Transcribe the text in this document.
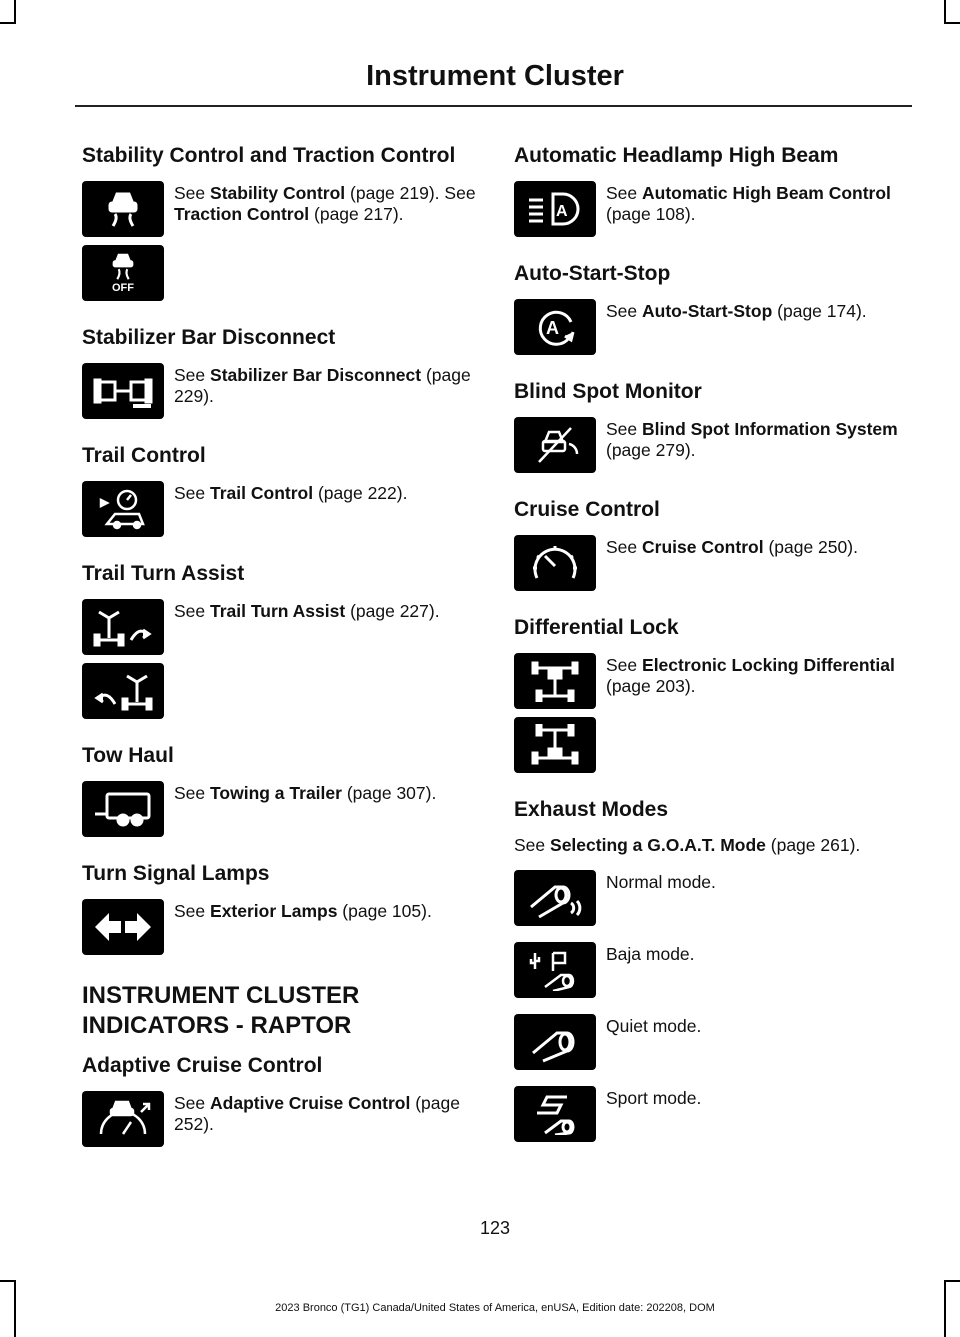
Instrument Cluster
Stability Control and Traction Control
OFF
See Stability Control (page 219). See Traction Control (page 217).
Stabilizer Bar Disconnect
See Stabilizer Bar Disconnect (page 229).
Trail Control
See Trail Control (page 222).
Trail Turn Assist
See Trail Turn Assist (page 227).
Tow Haul
See Towing a Trailer (page 307).
Turn Signal Lamps
See Exterior Lamps (page 105).
INSTRUMENT CLUSTER
INDICATORS - RAPTOR
Adaptive Cruise Control
See Adaptive Cruise Control (page 252).
Automatic Headlamp High Beam
A
See Automatic High Beam Control (page 108).
Auto-Start-Stop
A
See Auto-Start-Stop (page 174).
Blind Spot Monitor
See Blind Spot Information System (page 279).
Cruise Control
See Cruise Control (page 250).
Differential Lock
See Electronic Locking Differential (page 203).
Exhaust Modes

See Selecting a G.O.A.T. Mode (page 261).

Normal mode.
Baja mode.
Quiet mode.
Sport mode.
123
2023 Bronco (TG1) Canada/United States of America, enUSA, Edition date: 202208, DOM
